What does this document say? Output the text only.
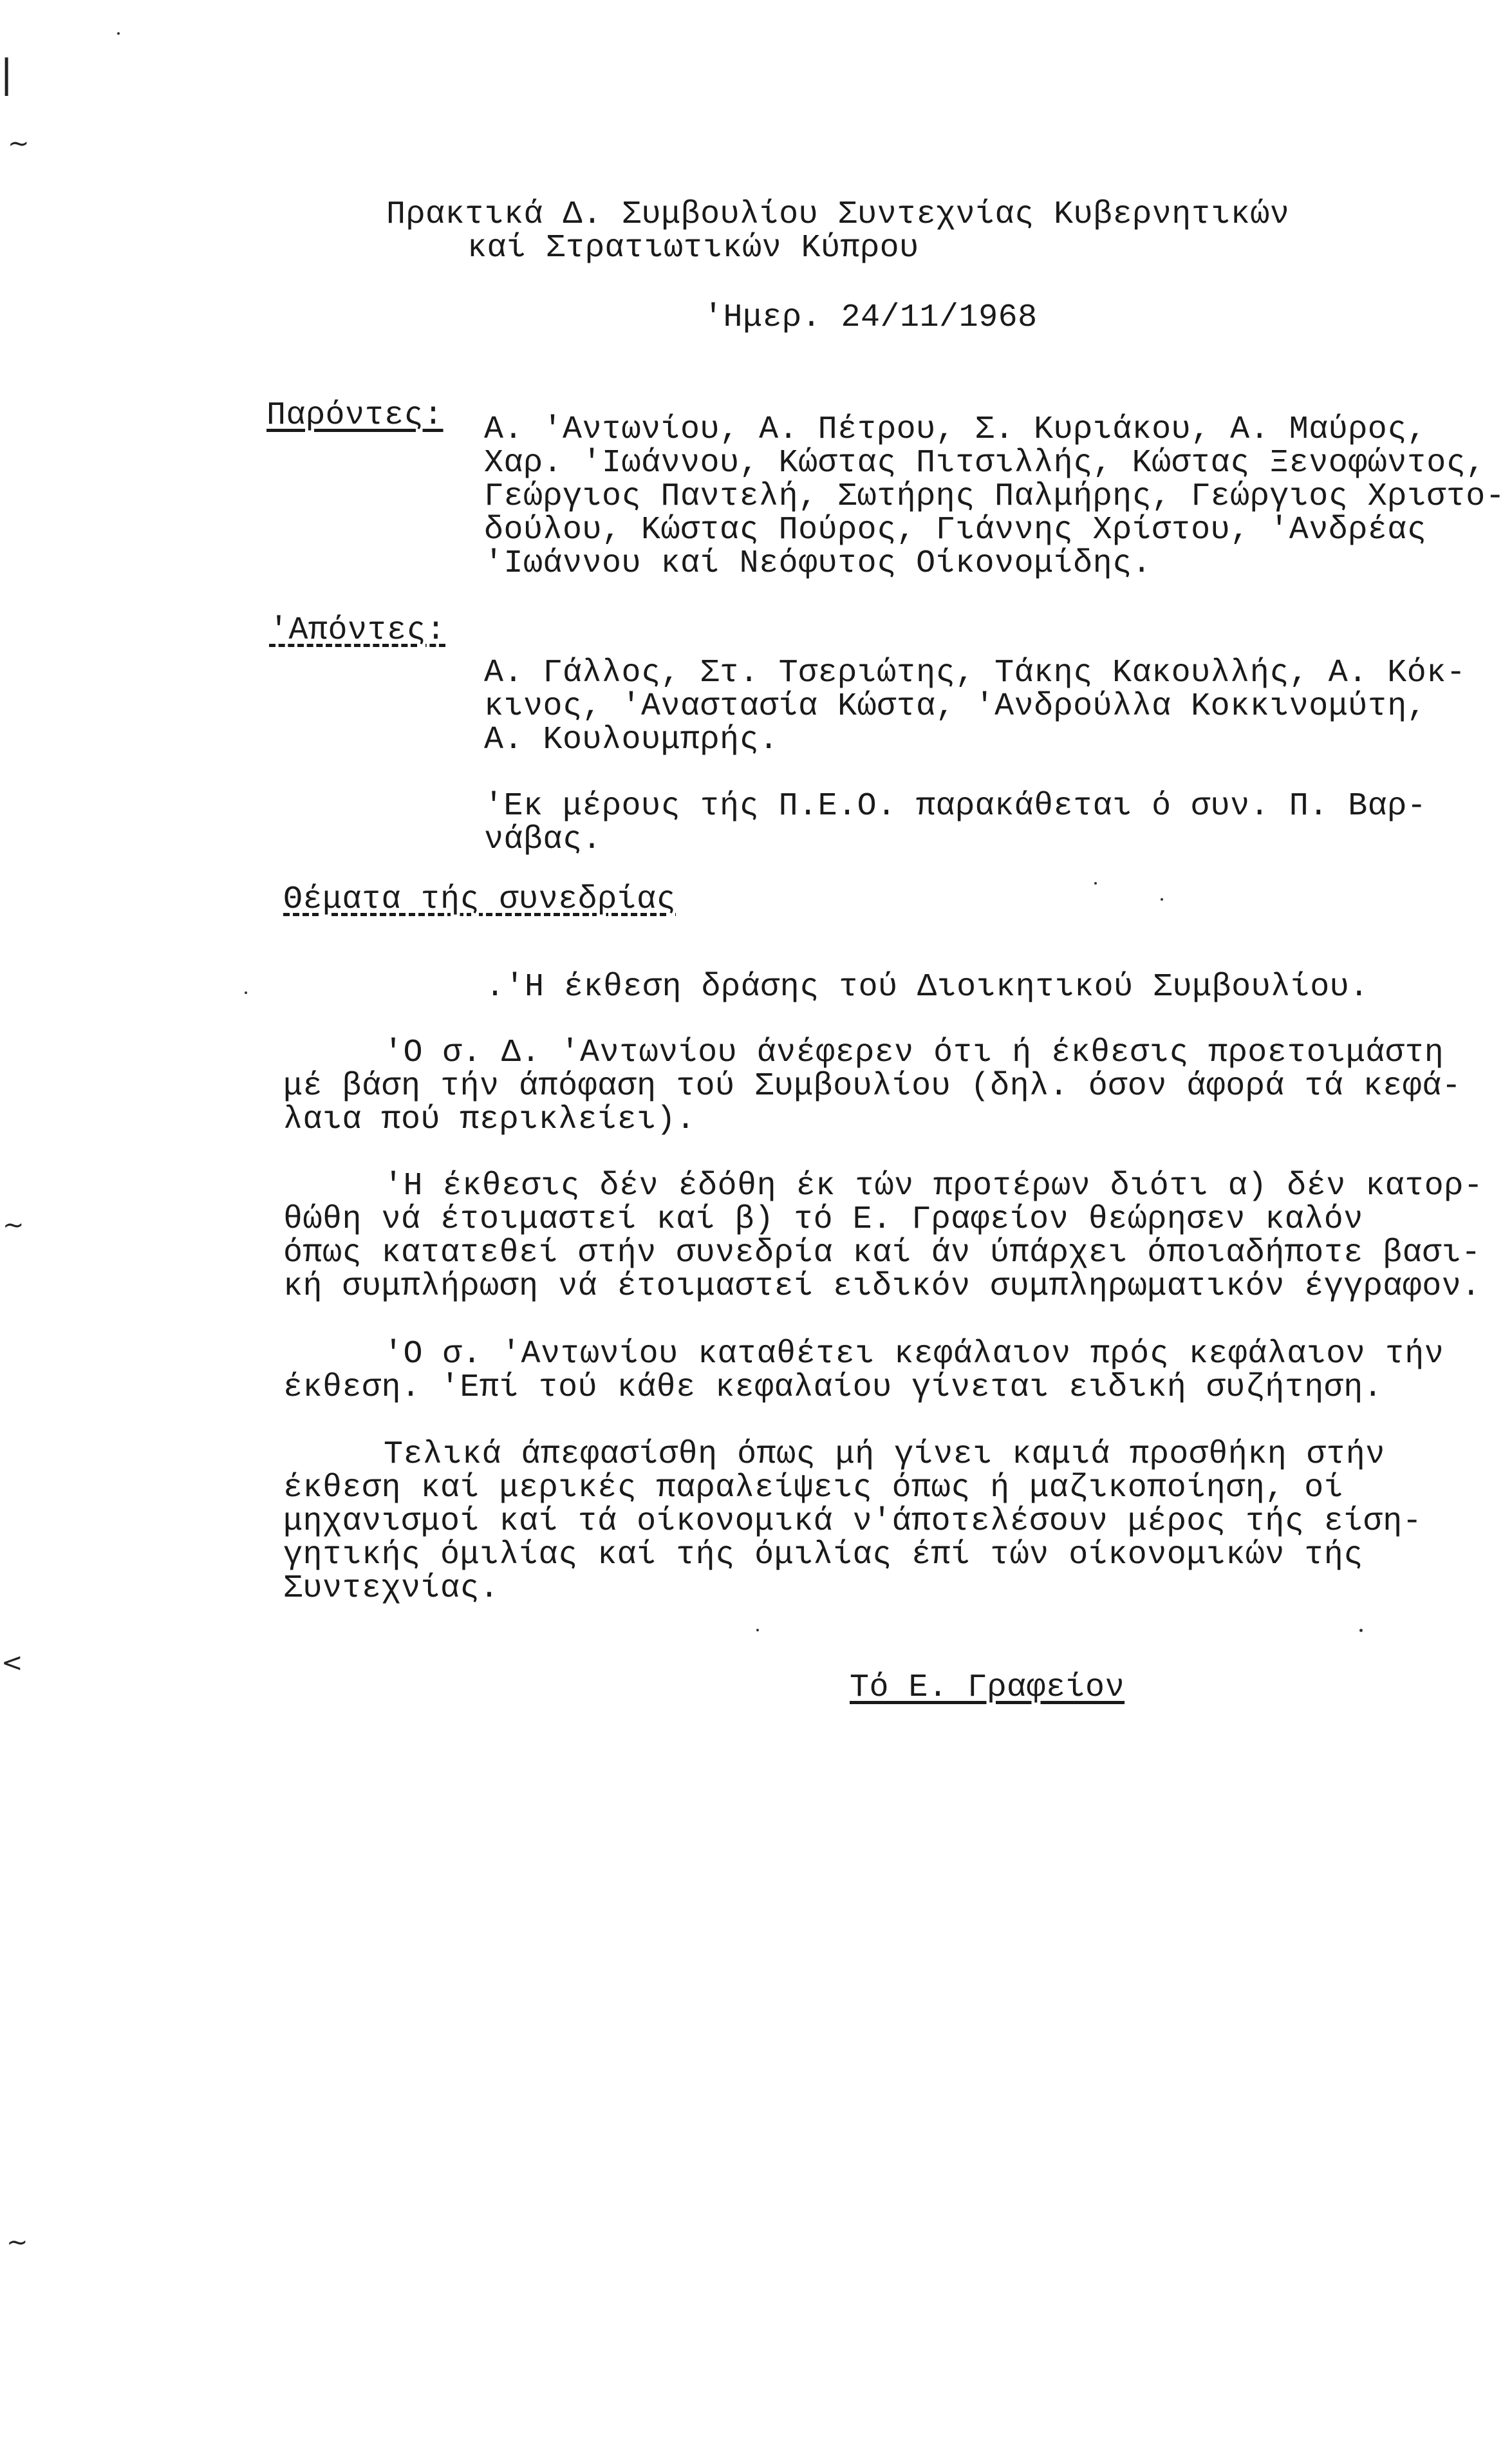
|
~
~
<
~
Πρακτικά Δ. Συμβουλίου Συντεχνίας Κυβερνητικών
καί Στρατιωτικών Κύπρου
'Ημερ. 24/11/1968
Παρόντες: Α. 'Αντωνίου, Α. Πέτρου, Σ. Κυριάκου, Α. Μαύρος,
Χαρ. 'Ιωάννου, Κώστας Πιτσιλλής, Κώστας Ξενοφώντος,
Γεώργιος Παντελή, Σωτήρης Παλμήρης, Γεώργιος Χριστο-
δούλου, Κώστας Πούρος, Γιάννης Χρίστου, 'Ανδρέας
'Ιωάννου καί Νεόφυτος Οίκονομίδης.
'Απόντες:
Α. Γάλλος, Στ. Τσεριώτης, Τάκης Κακουλλής, Α. Κόκ-
κινος, 'Αναστασία Κώστα, 'Ανδρούλλα Κοκκινομύτη,
Α. Κουλουμπρής.
'Εκ μέρους τής Π.Ε.Ο. παρακάθεται ό συν. Π. Βαρ-
νάβας.
Θέματα τής συνεδρίας
.'Η έκθεση δράσης τού Διοικητικού Συμβουλίου.
'Ο σ. Δ. 'Αντωνίου άνέφερεν ότι ή έκθεσις προετοιμάστη
μέ βάση τήν άπόφαση τού Συμβουλίου (δηλ. όσον άφορά τά κεφά-
λαια πού περικλείει).
'Η έκθεσις δέν έδόθη έκ τών προτέρων διότι α) δέν κατορ-
θώθη νά έτοιμαστεί καί β) τό Ε. Γραφείον θεώρησεν καλόν
όπως κατατεθεί στήν συνεδρία καί άν ύπάρχει όποιαδήποτε βασι-
κή συμπλήρωση νά έτοιμαστεί ειδικόν συμπληρωματικόν έγγραφον.
'Ο σ. 'Αντωνίου καταθέτει κεφάλαιον πρός κεφάλαιον τήν
έκθεση. 'Επί τού κάθε κεφαλαίου γίνεται ειδική συζήτηση.
Τελικά άπεφασίσθη όπως μή γίνει καμιά προσθήκη στήν
έκθεση καί μερικές παραλείψεις όπως ή μαζικοποίηση, οί
μηχανισμοί καί τά οίκονομικά ν'άποτελέσουν μέρος τής είση-
γητικής όμιλίας καί τής όμιλίας έπί τών οίκονομικών τής
Συντεχνίας.
Τό Ε. Γραφείον
